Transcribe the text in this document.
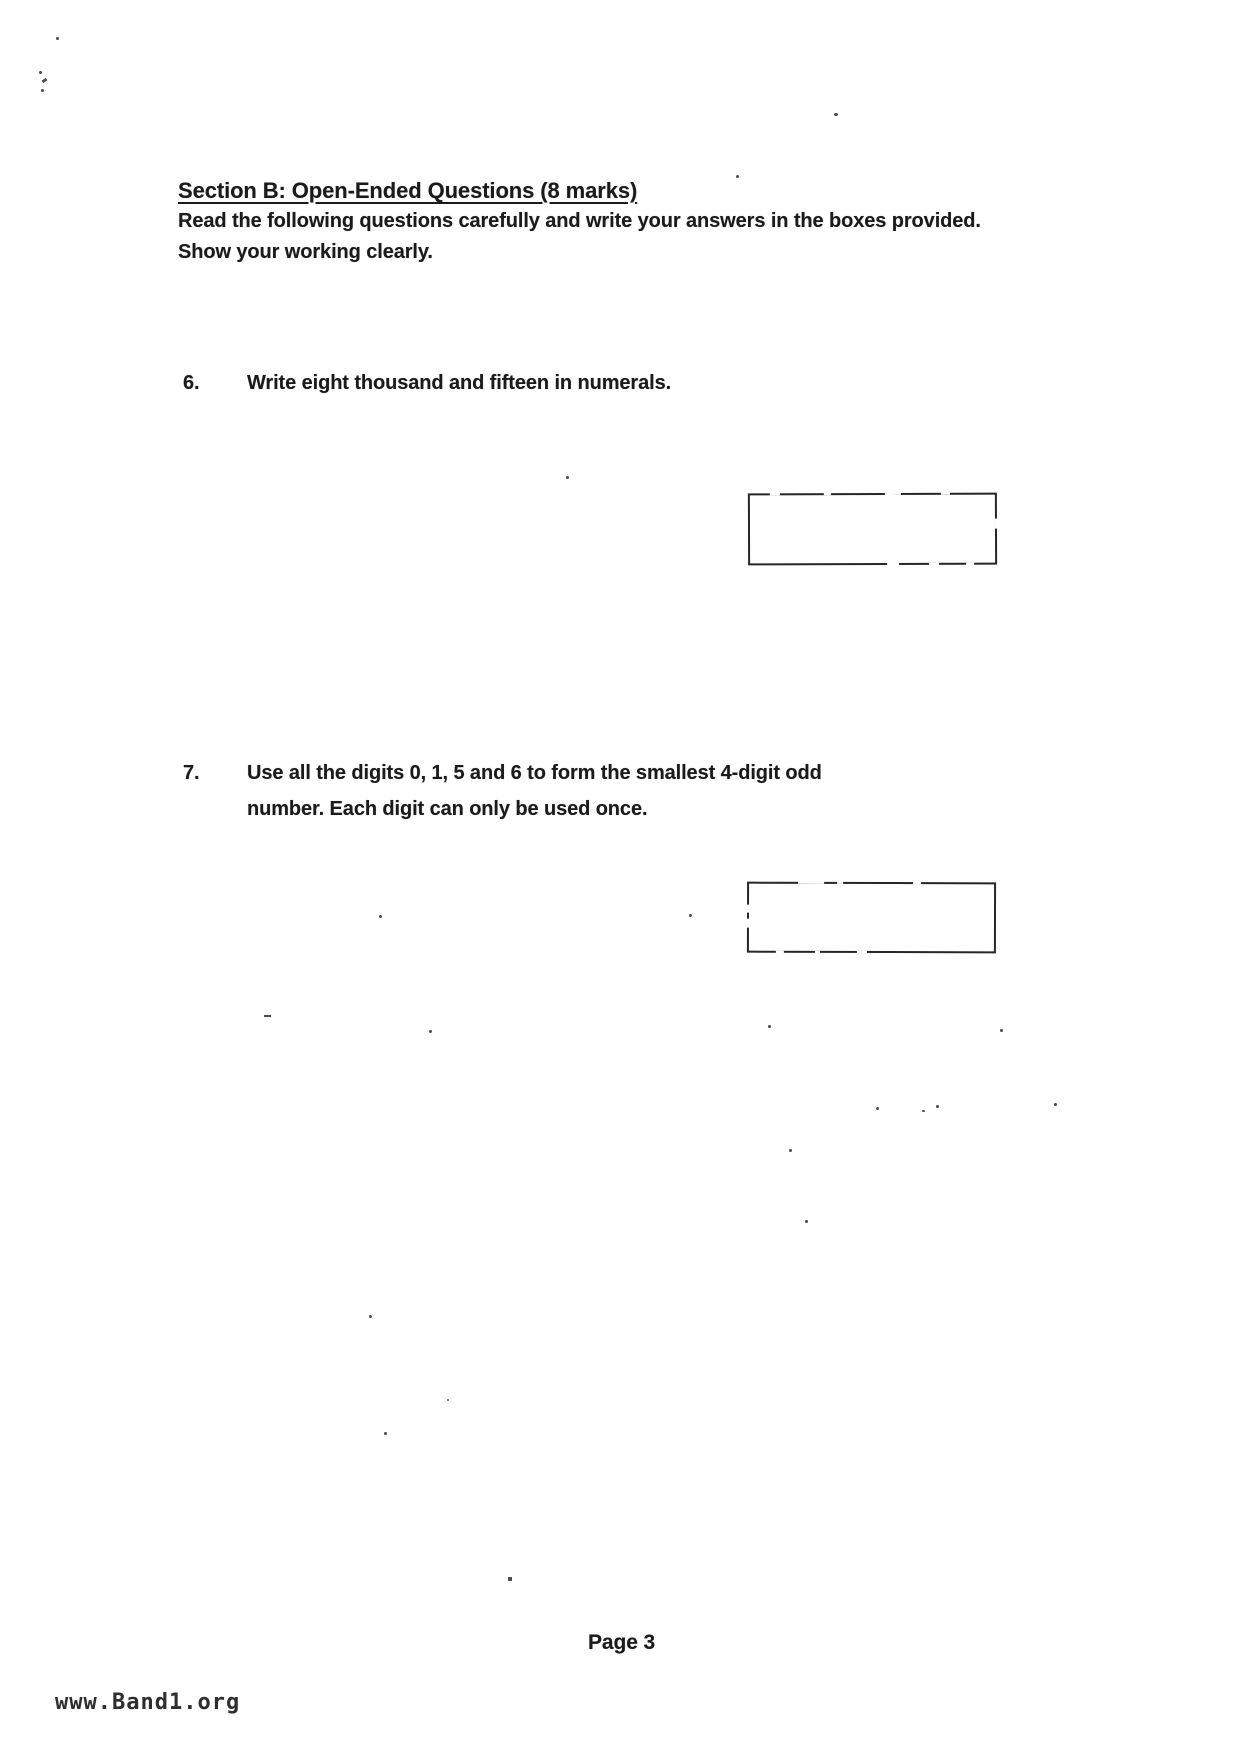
Section B: Open-Ended Questions (8 marks)
Read the following questions carefully and write your answers in the boxes provided.
Show your working clearly.
6. Write eight thousand and fifteen in numerals.
7. Use all the digits 0, 1, 5 and 6 to form the smallest 4-digit odd
number. Each digit can only be used once.
Page 3
www.Band1.org
